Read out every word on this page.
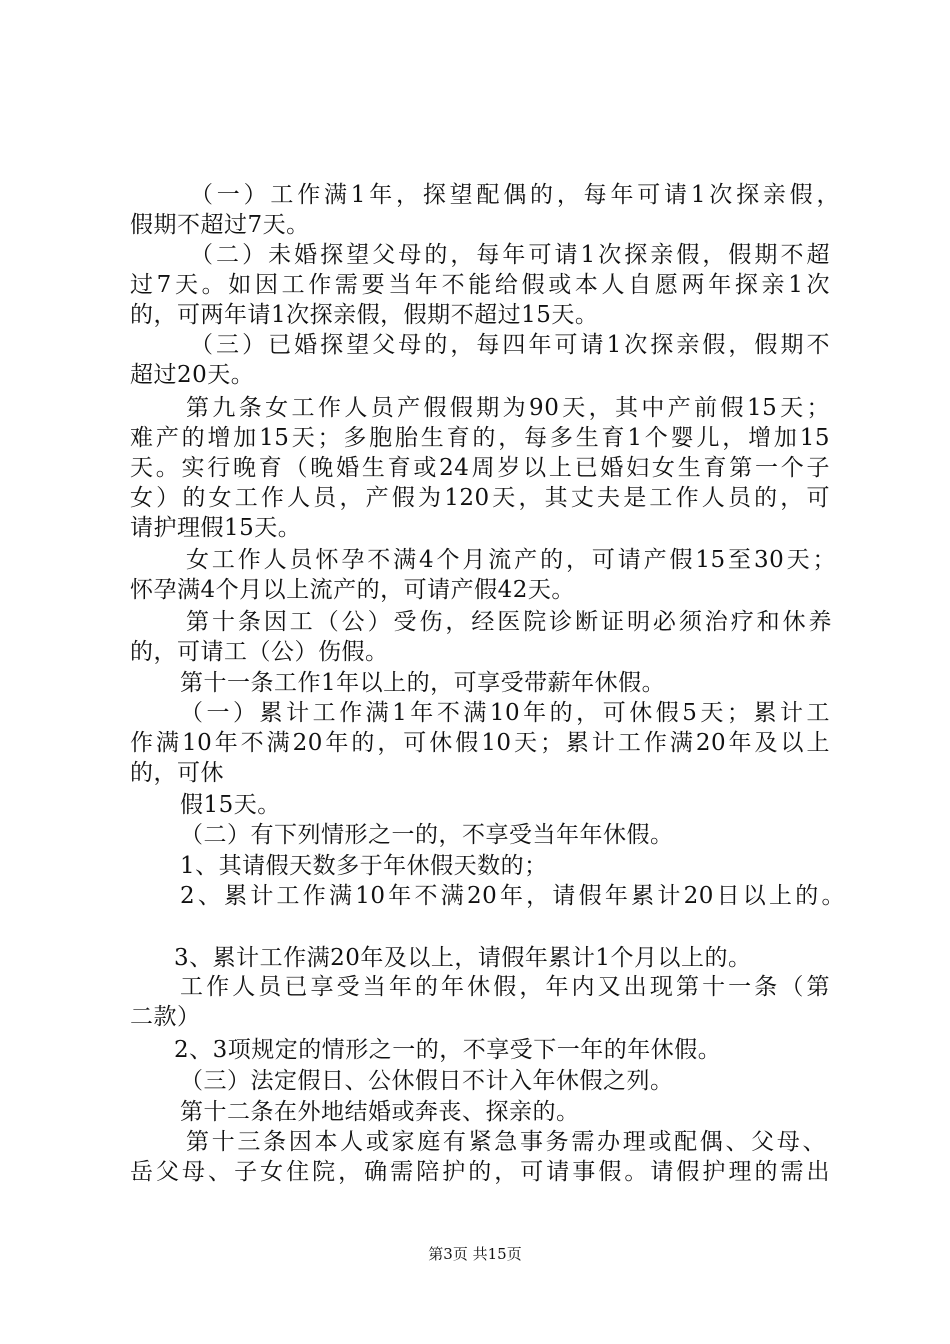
（一）工作满1年，探望配偶的，每年可请1次探亲假，
假期不超过7天。
（二）未婚探望父母的，每年可请1次探亲假，假期不超
过7天。如因工作需要当年不能给假或本人自愿两年探亲1次
的，可两年请1次探亲假，假期不超过15天。
（三）已婚探望父母的，每四年可请1次探亲假，假期不
超过20天。
第九条女工作人员产假假期为90天，其中产前假15天；
难产的增加15天；多胞胎生育的，每多生育1个婴儿，增加15
天。实行晚育（晚婚生育或24周岁以上已婚妇女生育第一个子
女）的女工作人员，产假为120天，其丈夫是工作人员的，可
请护理假15天。
女工作人员怀孕不满4个月流产的，可请产假15至30天；
怀孕满4个月以上流产的，可请产假42天。
第十条因工（公）受伤，经医院诊断证明必须治疗和休养
的，可请工（公）伤假。
第十一条工作1年以上的，可享受带薪年休假。
（一）累计工作满1年不满10年的，可休假5天；累计工
作满10年不满20年的，可休假10天；累计工作满20年及以上
的，可休
假15天。
（二）有下列情形之一的，不享受当年年休假。
1、其请假天数多于年休假天数的；
2、累计工作满10年不满20年，请假年累计20日以上的。
3、累计工作满20年及以上，请假年累计1个月以上的。
工作人员已享受当年的年休假，年内又出现第十一条（第
二款）
2、3项规定的情形之一的，不享受下一年的年休假。
（三）法定假日、公休假日不计入年休假之列。
第十二条在外地结婚或奔丧、探亲的。
第十三条因本人或家庭有紧急事务需办理或配偶、父母、
岳父母、子女住院，确需陪护的，可请事假。请假护理的需出
第3页 共15页
